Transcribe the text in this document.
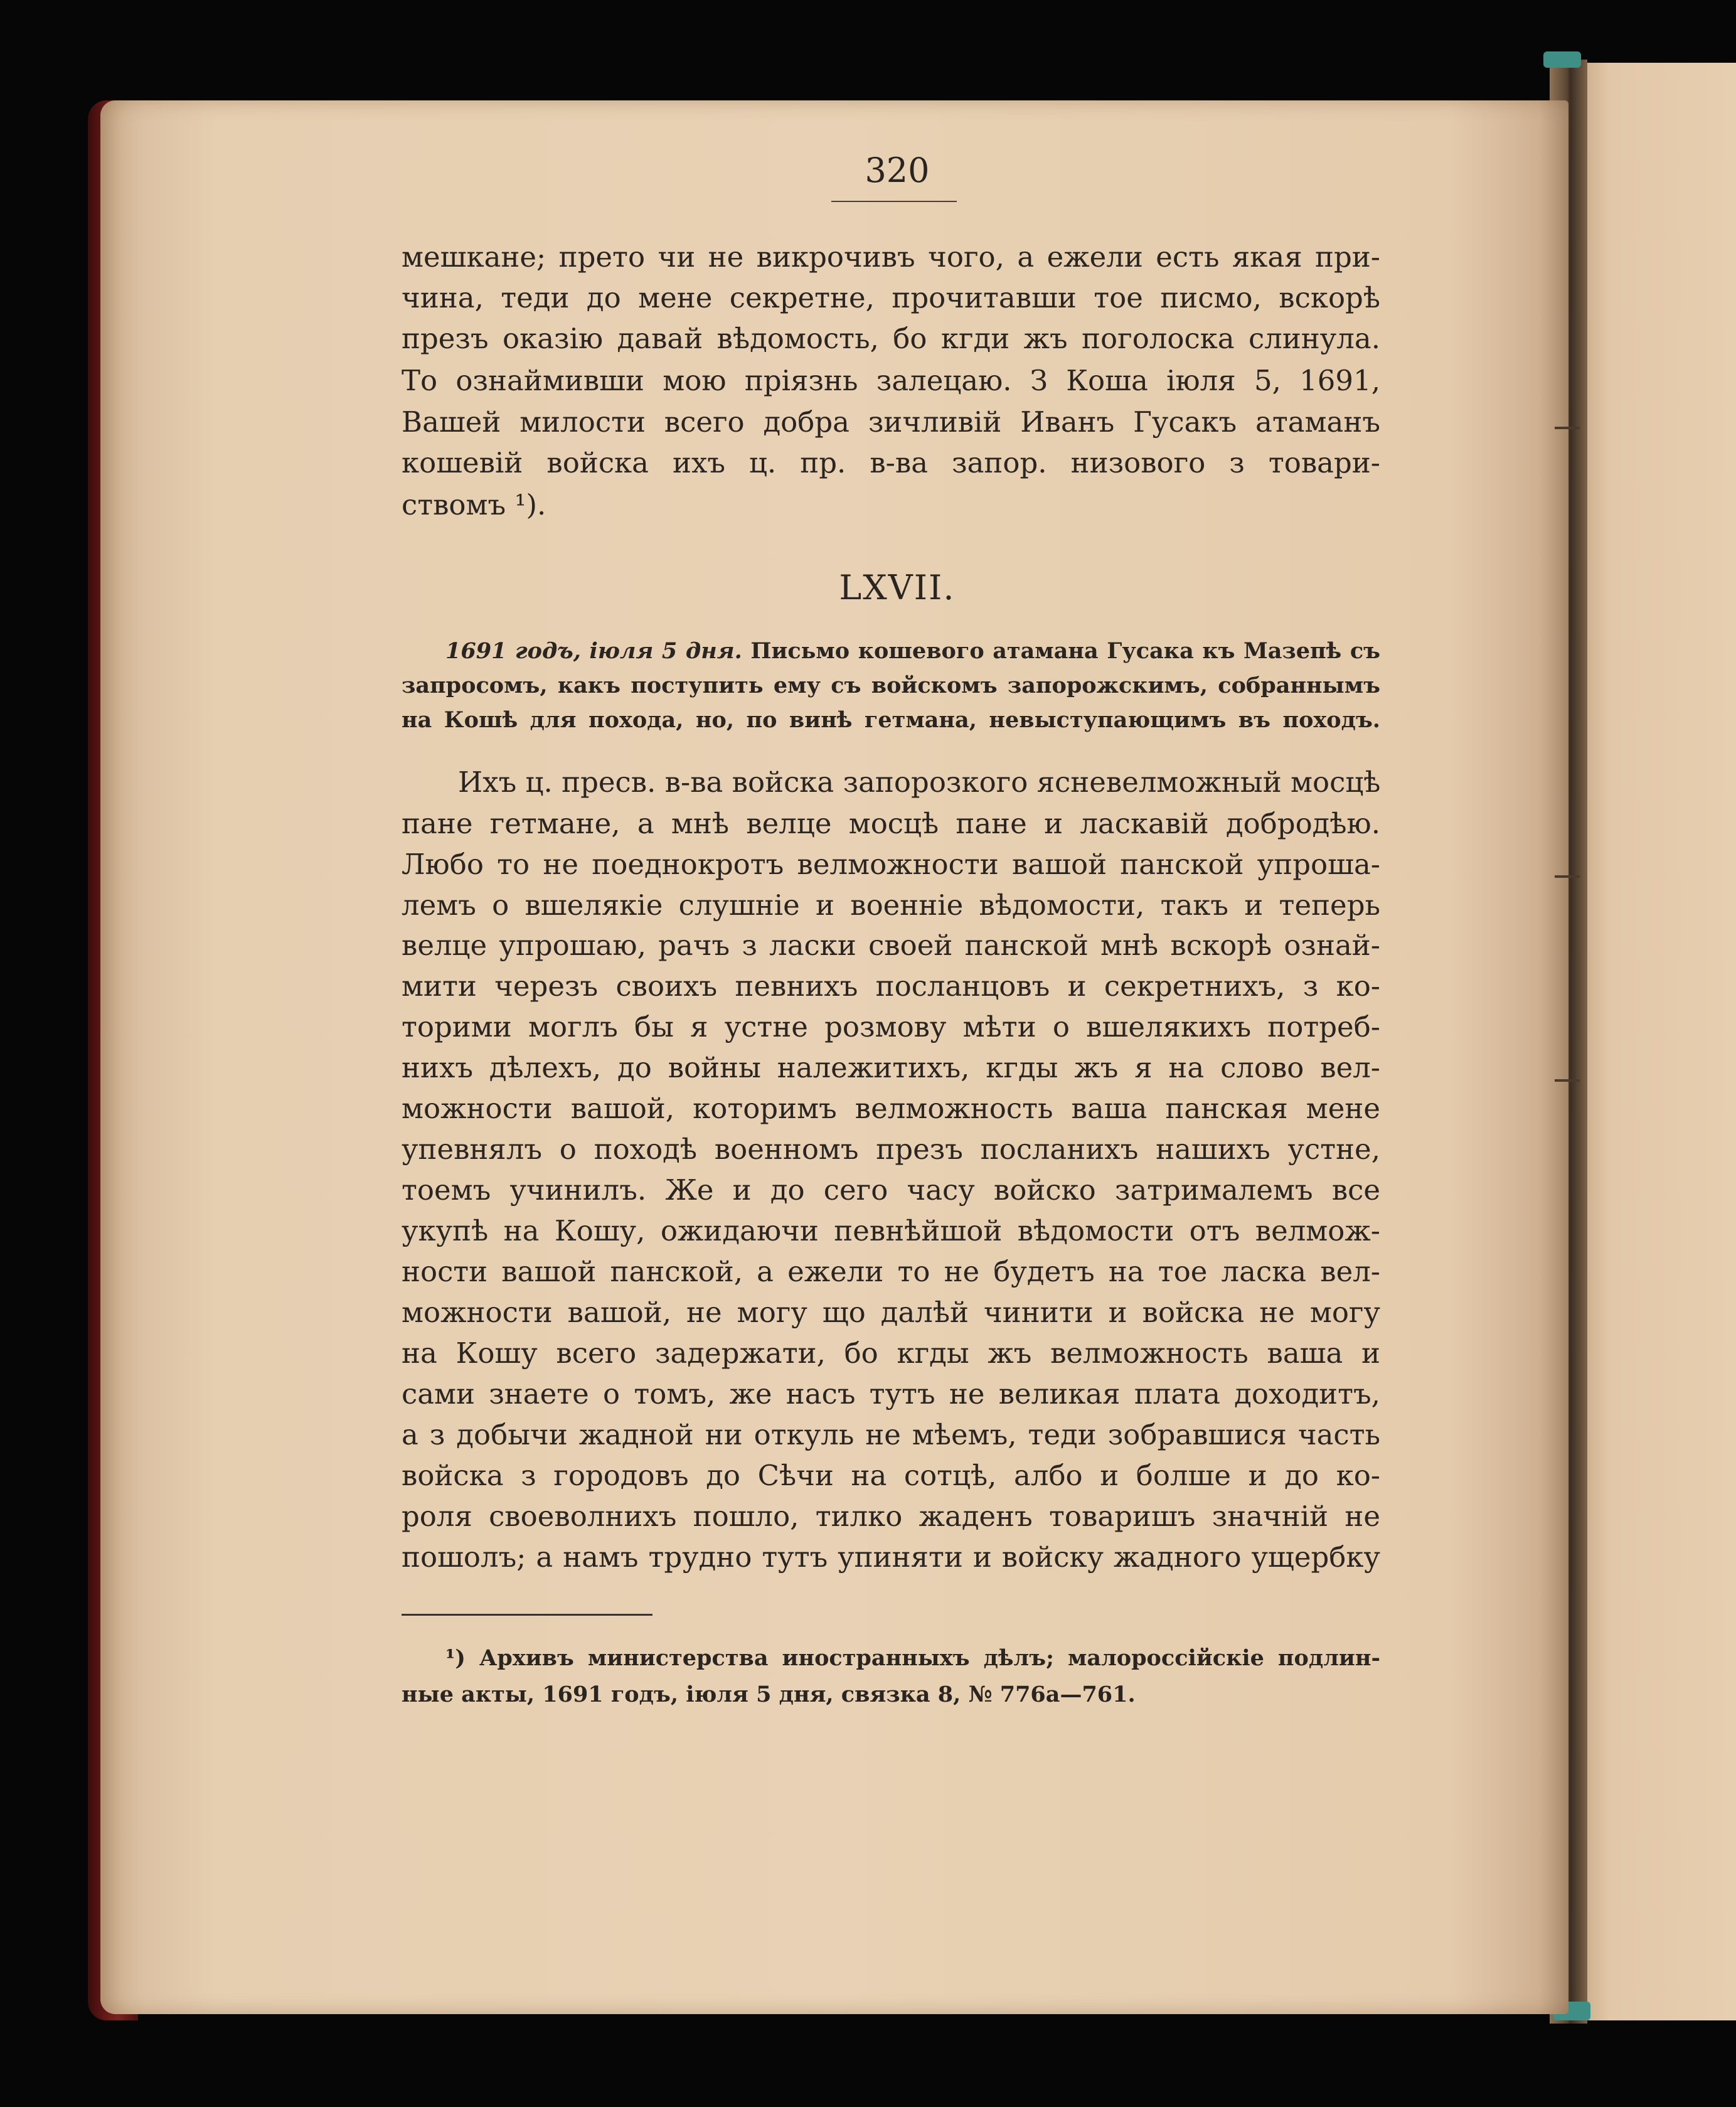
320
мешкане; прето чи не викрочивъ чого, а ежели есть якая при-
чина, теди до мене секретне, прочитавши тое писмо, вскорѣ
презъ оказію давай вѣдомость, бо кгди жъ поголоска слинула.
То ознаймивши мою пріязнь залецаю. З Коша іюля 5, 1691,
Вашей милости всего добра зичливій Иванъ Гусакъ атаманъ
кошевій войска ихъ ц. пр. в-ва запор. низового з товари-
ствомъ ¹).
LXVII.
1691 годъ, іюля 5 дня. Письмо кошевого атамана Гусака къ Мазепѣ съ
запросомъ, какъ поступить ему съ войскомъ запорожскимъ, собраннымъ
на Кошѣ для похода, но, по винѣ гетмана, невыступающимъ въ походъ.
Ихъ ц. пресв. в-ва войска запорозкого ясневелможный мосцѣ
пане гетмане, а мнѣ велце мосцѣ пане и ласкавій добродѣю.
Любо то не поеднокротъ велможности вашой панской упроша-
лемъ о вшелякіе слушніе и военніе вѣдомости, такъ и теперь
велце упрошаю, рачъ з ласки своей панской мнѣ вскорѣ ознай-
мити черезъ своихъ певнихъ посланцовъ и секретнихъ, з ко-
торими моглъ бы я устне розмову мѣти о вшелякихъ потреб-
нихъ дѣлехъ, до войны належитихъ, кгды жъ я на слово вел-
можности вашой, которимъ велможность ваша панская мене
упевнялъ о походѣ военномъ презъ посланихъ нашихъ устне,
тоемъ учинилъ. Же и до сего часу войско затрималемъ все
укупѣ на Кошу, ожидаючи певнѣйшой вѣдомости отъ велмож-
ности вашой панской, а ежели то не будетъ на тое ласка вел-
можности вашой, не могу що далѣй чинити и войска не могу
на Кошу всего задержати, бо кгды жъ велможность ваша и
сами знаете о томъ, же насъ тутъ не великая плата доходитъ,
а з добычи жадной ни откуль не мѣемъ, теди зобравшися часть
войска з городовъ до Сѣчи на сотцѣ, албо и болше и до ко-
роля своеволнихъ пошло, тилко жаденъ товаришъ значній не
пошолъ; а намъ трудно тутъ упиняти и войску жадного ущербку
¹) Архивъ министерства иностранныхъ дѣлъ; малороссійскіе подлин-
ные акты, 1691 годъ, іюля 5 дня, связка 8, № 776а—761.
